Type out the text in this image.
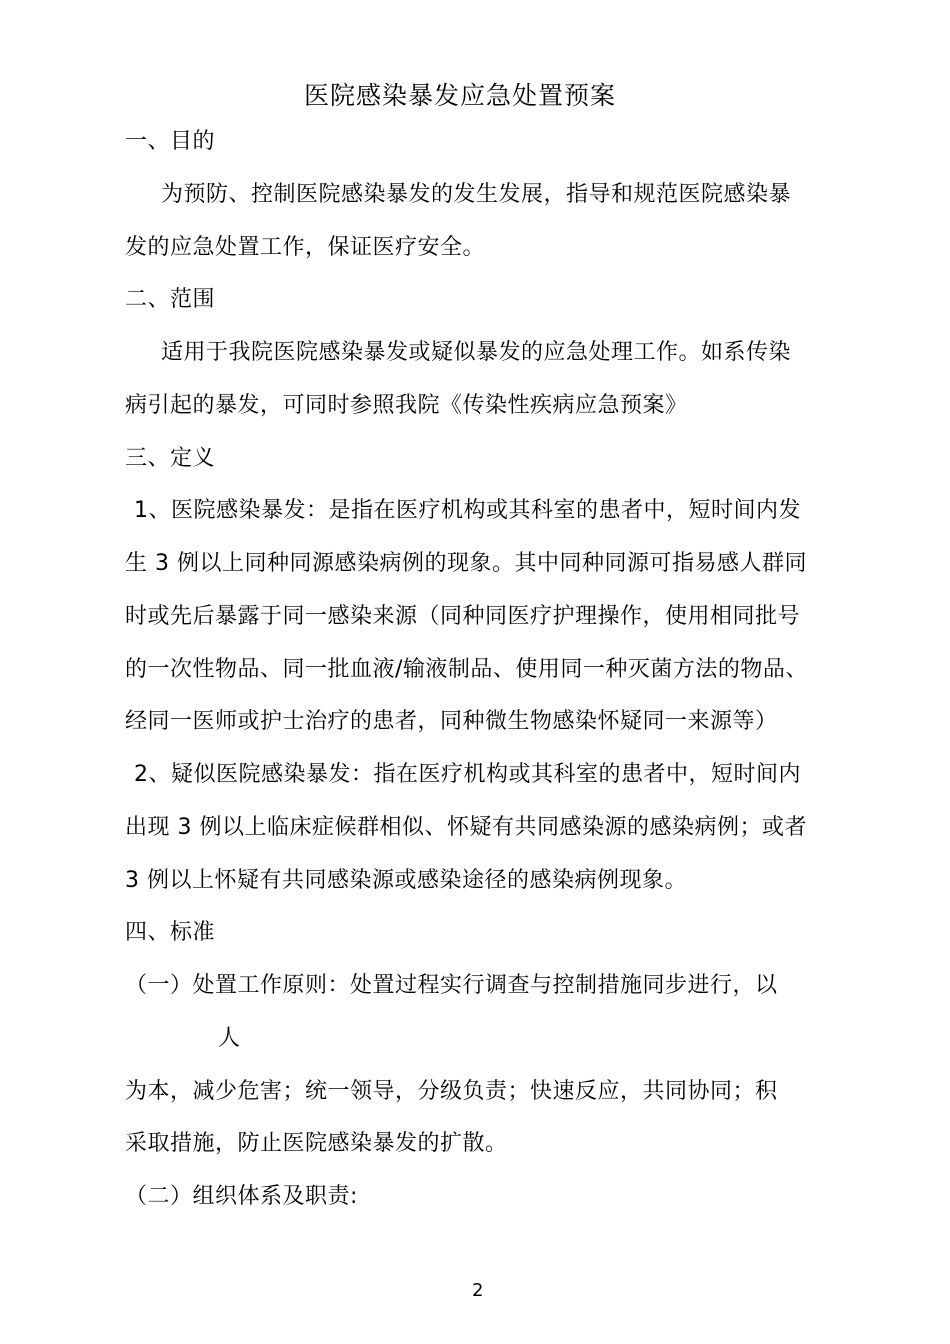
医院感染暴发应急处置预案
一、目的
为预防、控制医院感染暴发的发生发展，指导和规范医院感染暴
发的应急处置工作，保证医疗安全。
二、范围
适用于我院医院感染暴发或疑似暴发的应急处理工作。如系传染
病引起的暴发，可同时参照我院《传染性疾病应急预案》
三、定义
1、医院感染暴发：是指在医疗机构或其科室的患者中，短时间内发
生 3 例以上同种同源感染病例的现象。其中同种同源可指易感人群同
时或先后暴露于同一感染来源（同种同医疗护理操作，使用相同批号
的一次性物品、同一批血液/输液制品、使用同一种灭菌方法的物品、
经同一医师或护士治疗的患者，同种微生物感染怀疑同一来源等）
2、疑似医院感染暴发：指在医疗机构或其科室的患者中，短时间内
出现 3 例以上临床症候群相似、怀疑有共同感染源的感染病例；或者
3 例以上怀疑有共同感染源或感染途径的感染病例现象。
四、标准
（一）处置工作原则：处置过程实行调查与控制措施同步进行，以
人
为本，减少危害；统一领导，分级负责；快速反应，共同协同；积
采取措施，防止医院感染暴发的扩散。
（二）组织体系及职责:
2
